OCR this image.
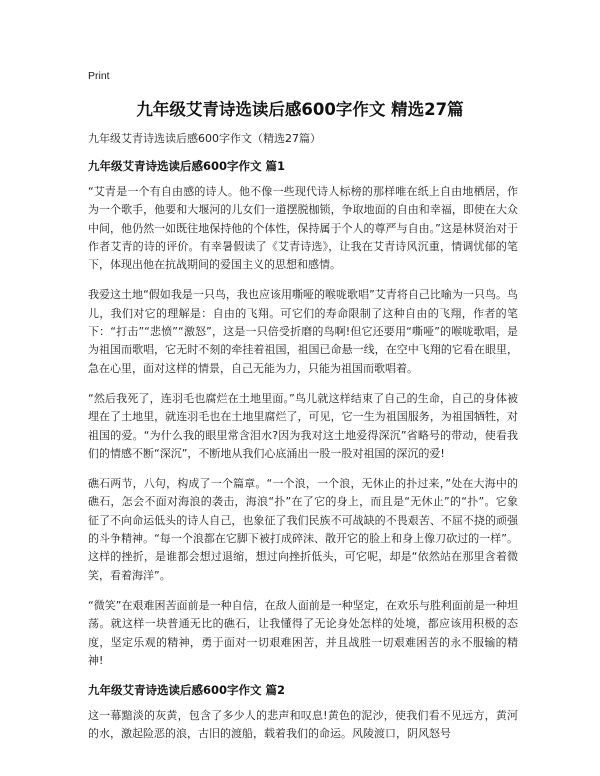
Print
九年级艾青诗选读后感600字作文 精选27篇

九年级艾青诗选读后感600字作文（精选27篇）

九年级艾青诗选读后感600字作文 篇1

“艾青是一个有自由感的诗人。他不像一些现代诗人标榜的那样唯在纸上自由地栖居，作为一个歌手，他要和大堰河的儿女们一道摆脱枷锁，争取地面的自由和幸福，即使在大众中间，他仍然一如既往地保持他的个体性，保持属于个人的尊严与自由。”这是林贤治对于作者艾青的诗的评价。有幸暑假读了《艾青诗选》，让我在艾青诗风沉重，情调忧郁的笔下，体现出他在抗战期间的爱国主义的思想和感情。

我爱这土地“假如我是一只鸟，我也应该用嘶哑的喉咙歌唱”艾青将自己比喻为一只鸟。鸟儿，我们对它的理解是：自由的飞翔。可它们的寿命限制了这种自由的飞翔，作者的笔下：“打击”“悲愤”“激怒”，这是一只倍受折磨的鸟啊!但它还要用“嘶哑”的喉咙歌唱，是为祖国而歌唱，它无时不刻的牵挂着祖国，祖国已命悬一线，在空中飞翔的它看在眼里，急在心里，面对这样的情景，自己无能为力，只能为祖国而歌唱着。

“然后我死了，连羽毛也腐烂在土地里面。”鸟儿就这样结束了自己的生命，自己的身体被埋在了土地里，就连羽毛也在土地里腐烂了，可见，它一生为祖国服务，为祖国牺牲，对祖国的爱。“为什么我的眼里常含泪水?因为我对这土地爱得深沉”省略号的带动，使看我们的情感不断“深沉”，不断地从我们心底涌出一股一股对祖国的深沉的爱!

礁石两节，八句，构成了一个篇章。“一个浪，一个浪，无休止的扑过来，”处在大海中的礁石，怎会不面对海浪的袭击，海浪“扑”在了它的身上，而且是“无休止”的“扑”。它象征了不向命运低头的诗人自己，也象征了我们民族不可战缺的不畏艰苦、不屈不挠的顽强的斗争精神。“每一个浪都在它脚下被打成碎沫、散开它的脸上和身上像刀砍过的一样”。这样的挫折，是谁都会想过退缩，想过向挫折低头，可它呢，却是“依然站在那里含着微笑，看着海洋”。

“微笑”在艰难困苦面前是一种自信，在敌人面前是一种坚定，在欢乐与胜利面前是一种坦荡。就这样一块普通无比的礁石，让我懂得了无论身处怎样的处境，都应该用积极的态度，坚定乐观的精神，勇于面对一切艰难困苦，并且战胜一切艰难困苦的永不服输的精神!

九年级艾青诗选读后感600字作文 篇2

这一幕黯淡的灰黄，包含了多少人的悲声和叹息!黄色的泥沙，使我们看不见远方，黄河的水，激起险恶的浪，古旧的渡船，载着我们的命运。风陵渡口，阴风怒号
